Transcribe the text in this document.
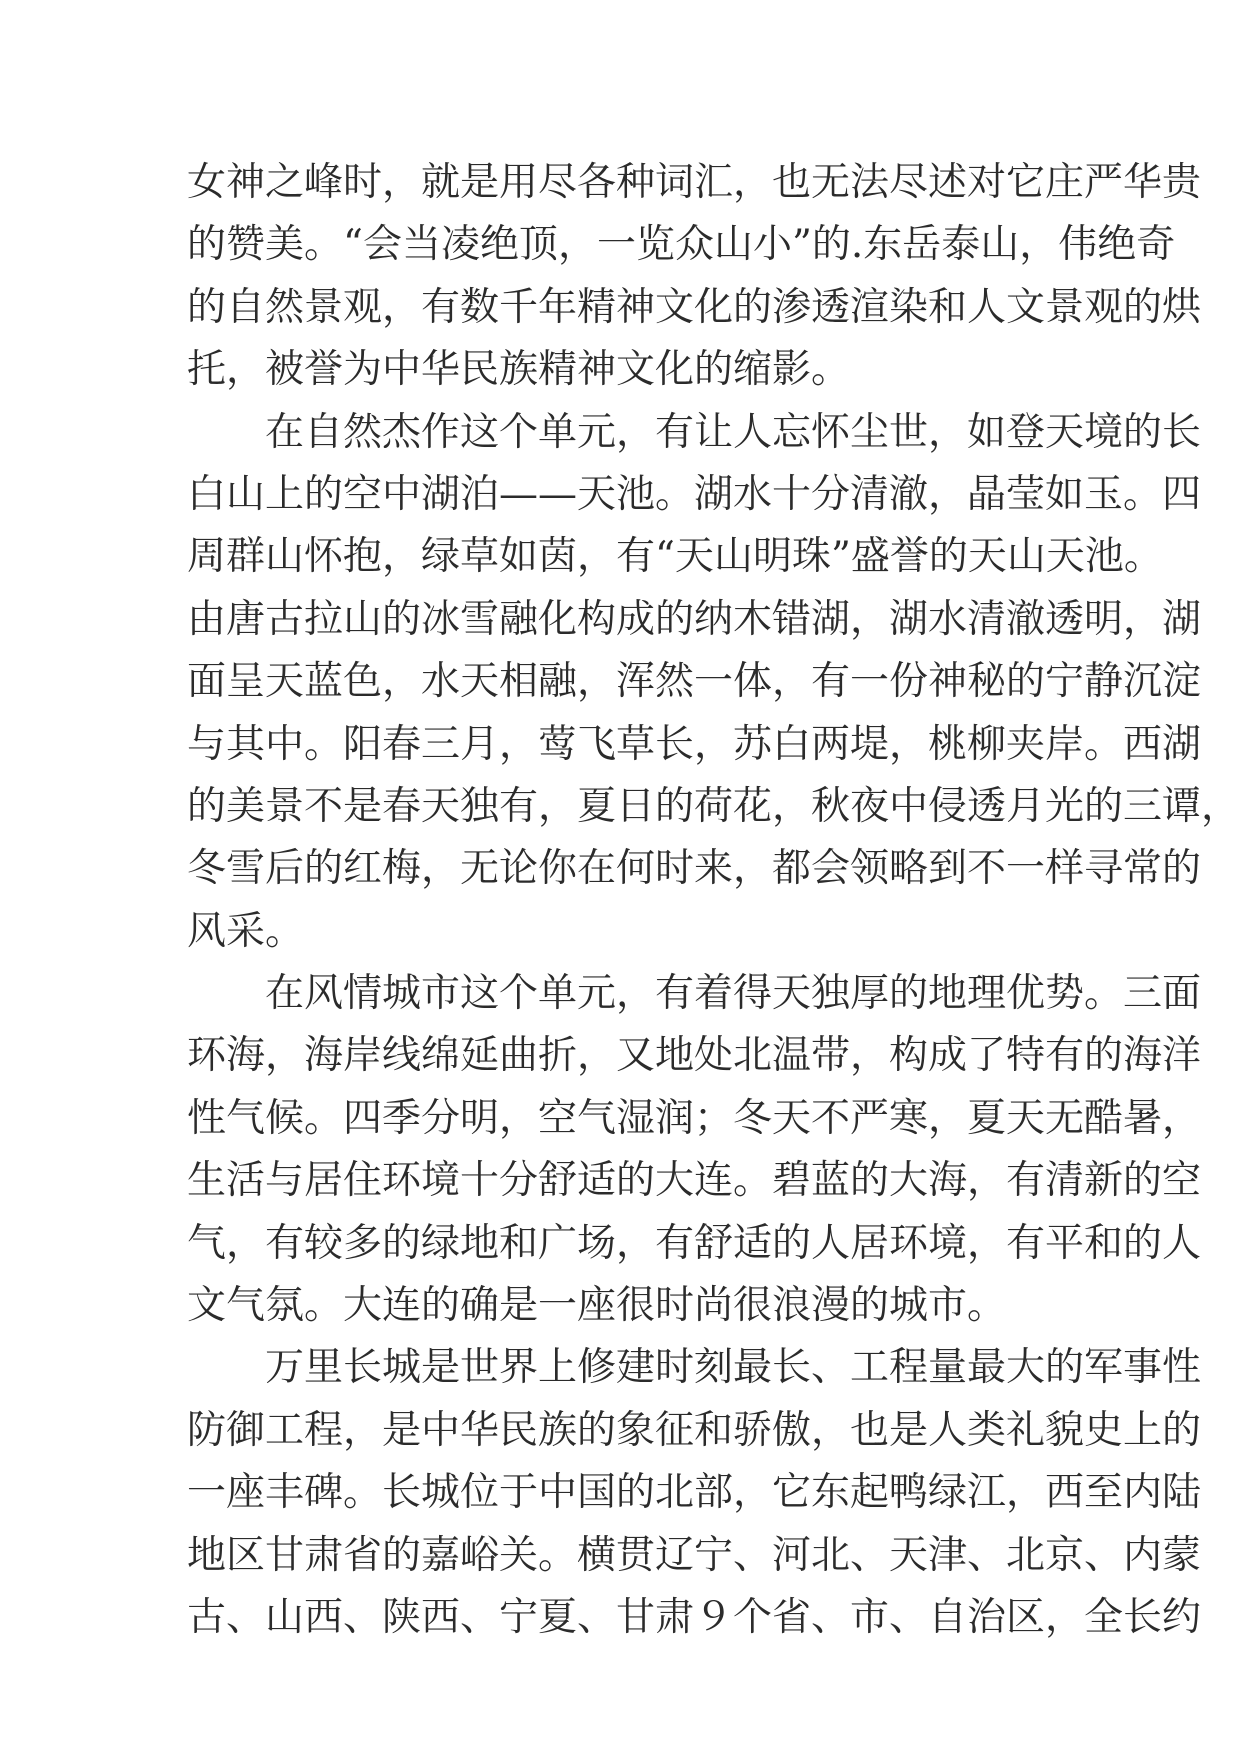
女神之峰时，就是用尽各种词汇，也无法尽述对它庄严华贵
的赞美。“会当凌绝顶，一览众山小”的.东岳泰山，伟绝奇
的自然景观，有数千年精神文化的渗透渲染和人文景观的烘
托，被誉为中华民族精神文化的缩影。
　　在自然杰作这个单元，有让人忘怀尘世，如登天境的长
白山上的空中湖泊——天池。湖水十分清澈，晶莹如玉。四
周群山怀抱，绿草如茵，有“天山明珠”盛誉的天山天池。
由唐古拉山的冰雪融化构成的纳木错湖，湖水清澈透明，湖
面呈天蓝色，水天相融，浑然一体，有一份神秘的宁静沉淀
与其中。阳春三月，莺飞草长，苏白两堤，桃柳夹岸。西湖
的美景不是春天独有，夏日的荷花，秋夜中侵透月光的三谭，
冬雪后的红梅，无论你在何时来，都会领略到不一样寻常的
风采。
　　在风情城市这个单元，有着得天独厚的地理优势。三面
环海，海岸线绵延曲折，又地处北温带，构成了特有的海洋
性气候。四季分明，空气湿润；冬天不严寒，夏天无酷暑，
生活与居住环境十分舒适的大连。碧蓝的大海，有清新的空
气，有较多的绿地和广场，有舒适的人居环境，有平和的人
文气氛。大连的确是一座很时尚很浪漫的城市。
　　万里长城是世界上修建时刻最长、工程量最大的军事性
防御工程，是中华民族的象征和骄傲，也是人类礼貌史上的
一座丰碑。长城位于中国的北部，它东起鸭绿江，西至内陆
地区甘肃省的嘉峪关。横贯辽宁、河北、天津、北京、内蒙
古、山西、陕西、宁夏、甘肃９个省、市、自治区，全长约
